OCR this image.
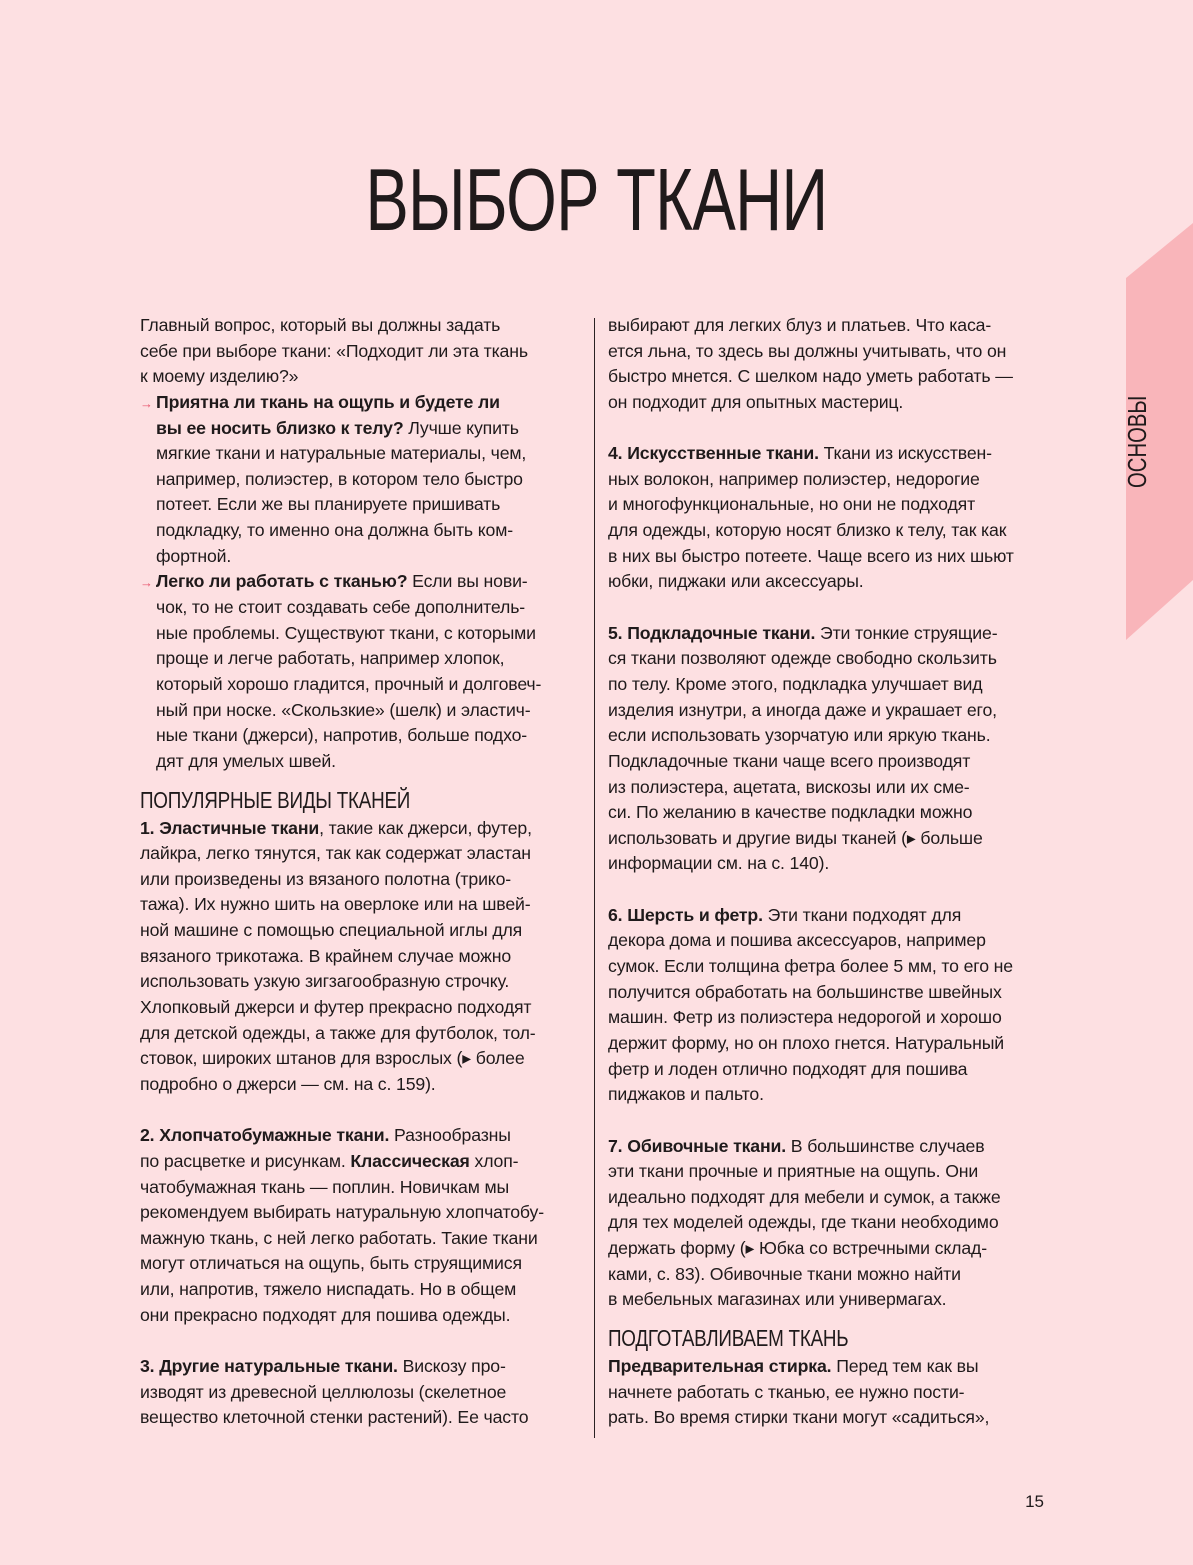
ОСНОВЫ
ВЫБОР ТКАНИ
Главный вопрос, который вы должны задать
себе при выборе ткани: «Подходит ли эта ткань
к моему изделию?»
→ Приятна ли ткань на ощупь и будете ли
вы ее носить близко к телу? Лучше купить
мягкие ткани и натуральные материалы, чем,
например, полиэстер, в котором тело быстро
потеет. Если же вы планируете пришивать
подкладку, то именно она должна быть ком-
фортной.
→ Легко ли работать с тканью? Если вы нови-
чок, то не стоит создавать себе дополнитель-
ные проблемы. Существуют ткани, с которыми
проще и легче работать, например хлопок,
который хорошо гладится, прочный и долговеч-
ный при носке. «Скользкие» (шелк) и эластич-
ные ткани (джерси), напротив, больше подхо-
дят для умелых швей.
ПОПУЛЯРНЫЕ ВИДЫ ТКАНЕЙ
1. Эластичные ткани, такие как джерси, футер,
лайкра, легко тянутся, так как содержат эластан
или произведены из вязаного полотна (трико-
тажа). Их нужно шить на оверлоке или на швей-
ной машине с помощью специальной иглы для
вязаного трикотажа. В крайнем случае можно
использовать узкую зигзагообразную строчку.
Хлопковый джерси и футер прекрасно подходят
для детской одежды, а также для футболок, тол-
стовок, широких штанов для взрослых (▸ более
подробно о джерси — см. на с. 159).
2. Хлопчатобумажные ткани. Разнообразны
по расцветке и рисункам. Классическая хлоп-
чатобумажная ткань — поплин. Новичкам мы
рекомендуем выбирать натуральную хлопчатобу-
мажную ткань, с ней легко работать. Такие ткани
могут отличаться на ощупь, быть струящимися
или, напротив, тяжело ниспадать. Но в общем
они прекрасно подходят для пошива одежды.
3. Другие натуральные ткани. Вискозу про-
изводят из древесной целлюлозы (скелетное
вещество клеточной стенки растений). Ее часто
выбирают для легких блуз и платьев. Что каса-
ется льна, то здесь вы должны учитывать, что он
быстро мнется. С шелком надо уметь работать —
он подходит для опытных мастериц.
4. Искусственные ткани. Ткани из искусствен-
ных волокон, например полиэстер, недорогие
и многофункциональные, но они не подходят
для одежды, которую носят близко к телу, так как
в них вы быстро потеете. Чаще всего из них шьют
юбки, пиджаки или аксессуары.
5. Подкладочные ткани. Эти тонкие струящие-
ся ткани позволяют одежде свободно скользить
по телу. Кроме этого, подкладка улучшает вид
изделия изнутри, а иногда даже и украшает его,
если использовать узорчатую или яркую ткань.
Подкладочные ткани чаще всего производят
из полиэстера, ацетата, вискозы или их сме-
си. По желанию в качестве подкладки можно
использовать и другие виды тканей (▸ больше
информации см. на с. 140).
6. Шерсть и фетр. Эти ткани подходят для
декора дома и пошива аксессуаров, например
сумок. Если толщина фетра более 5 мм, то его не
получится обработать на большинстве швейных
машин. Фетр из полиэстера недорогой и хорошо
держит форму, но он плохо гнется. Натуральный
фетр и лоден отлично подходят для пошива
пиджаков и пальто.
7. Обивочные ткани. В большинстве случаев
эти ткани прочные и приятные на ощупь. Они
идеально подходят для мебели и сумок, а также
для тех моделей одежды, где ткани необходимо
держать форму (▸ Юбка со встречными склад-
ками, с. 83). Обивочные ткани можно найти
в мебельных магазинах или универмагах.
ПОДГОТАВЛИВАЕМ ТКАНЬ
Предварительная стирка. Перед тем как вы
начнете работать с тканью, ее нужно пости-
рать. Во время стирки ткани могут «садиться»,
15
